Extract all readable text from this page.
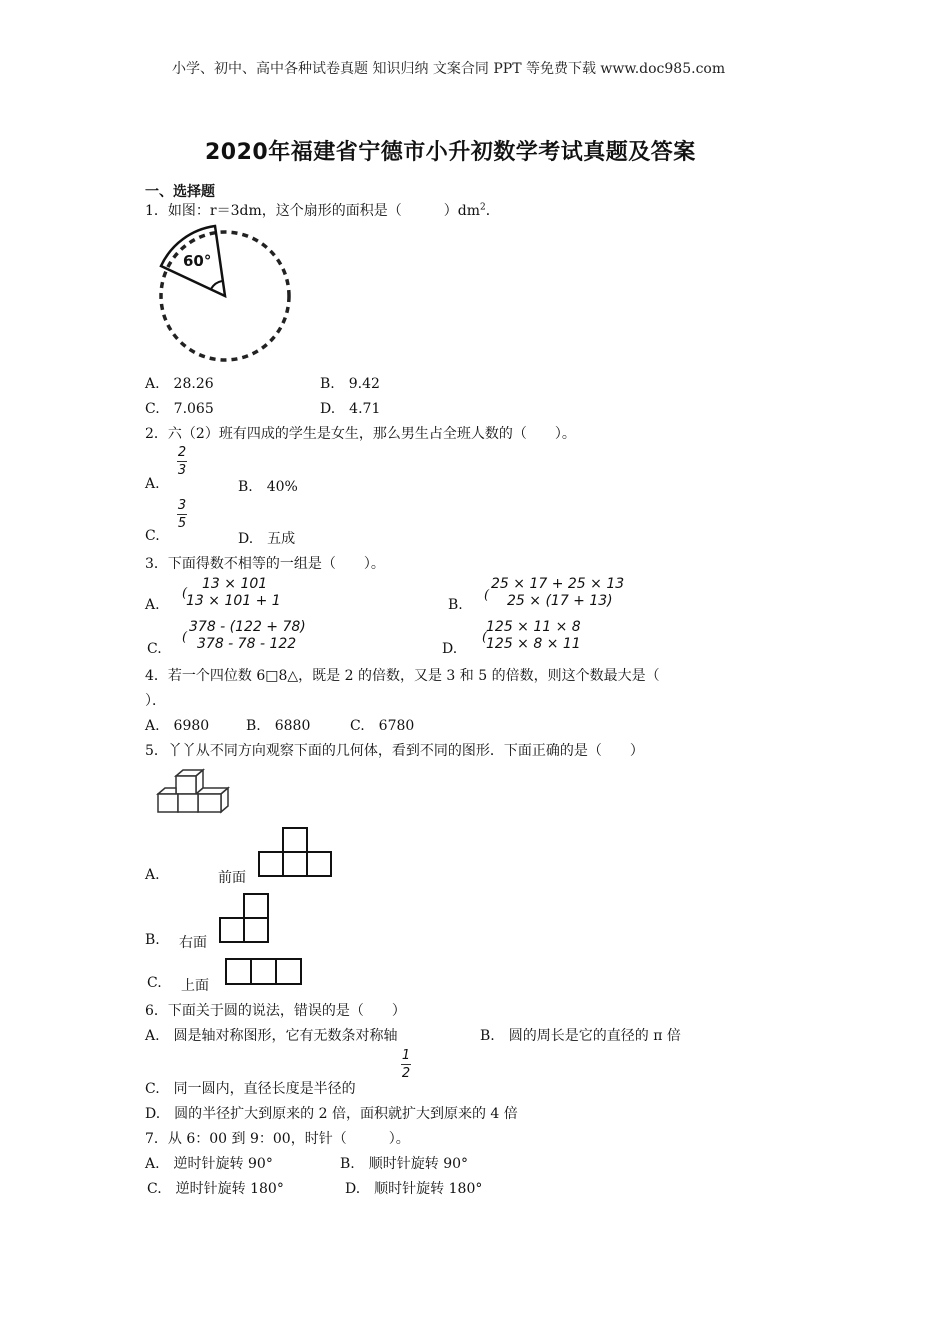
小学、初中、高中各种试卷真题 知识归纳 文案合同 PPT 等免费下载 www.doc985.com
2020年福建省宁德市小升初数学考试真题及答案
一、选择题
1．如图：r＝3dm，这个扇形的面积是（　　　）$dm^2$．
60°
A.　28.26	B.　9.42
C.　7.065	D.　4.71
2．六（2）班有四成的学生是女生，那么男生占全班人数的（　　）。
A.
2
3
B.　40%
C.
3
5
D.　五成
3．下面得数不相等的一组是（　　）。
A.
13 × 101
13 × 101 + 1
(
B.
25 × 17 + 25 × 13
25 × (17 + 13)
(
C.
378 - (122 + 78)
378 - 78 - 122
(
D.
125 × 11 × 8
125 × 8 × 11
(
4．若一个四位数 6□8△，既是 2 的倍数，又是 3 和 5 的倍数，则这个数最大是（
）．
A.　6980	B.　6880	C.　6780
5．丫丫从不同方向观察下面的几何体，看到不同的图形．下面正确的是（　　）
A.	前面
B. 右面
C. 上面
6．下面关于圆的说法，错误的是（　　）
A.　圆是轴对称图形，它有无数条对称轴	B.　圆的周长是它的直径的 π 倍
C.　同一圆内，直径长度是半径的
1
2
D.　圆的半径扩大到原来的 2 倍，面积就扩大到原来的 4 倍
7．从 6：00 到 9：00，时针（　　　）。
A.　逆时针旋转 90°	B.　顺时针旋转 90°
C.　逆时针旋转 180°	D.　顺时针旋转 180°
